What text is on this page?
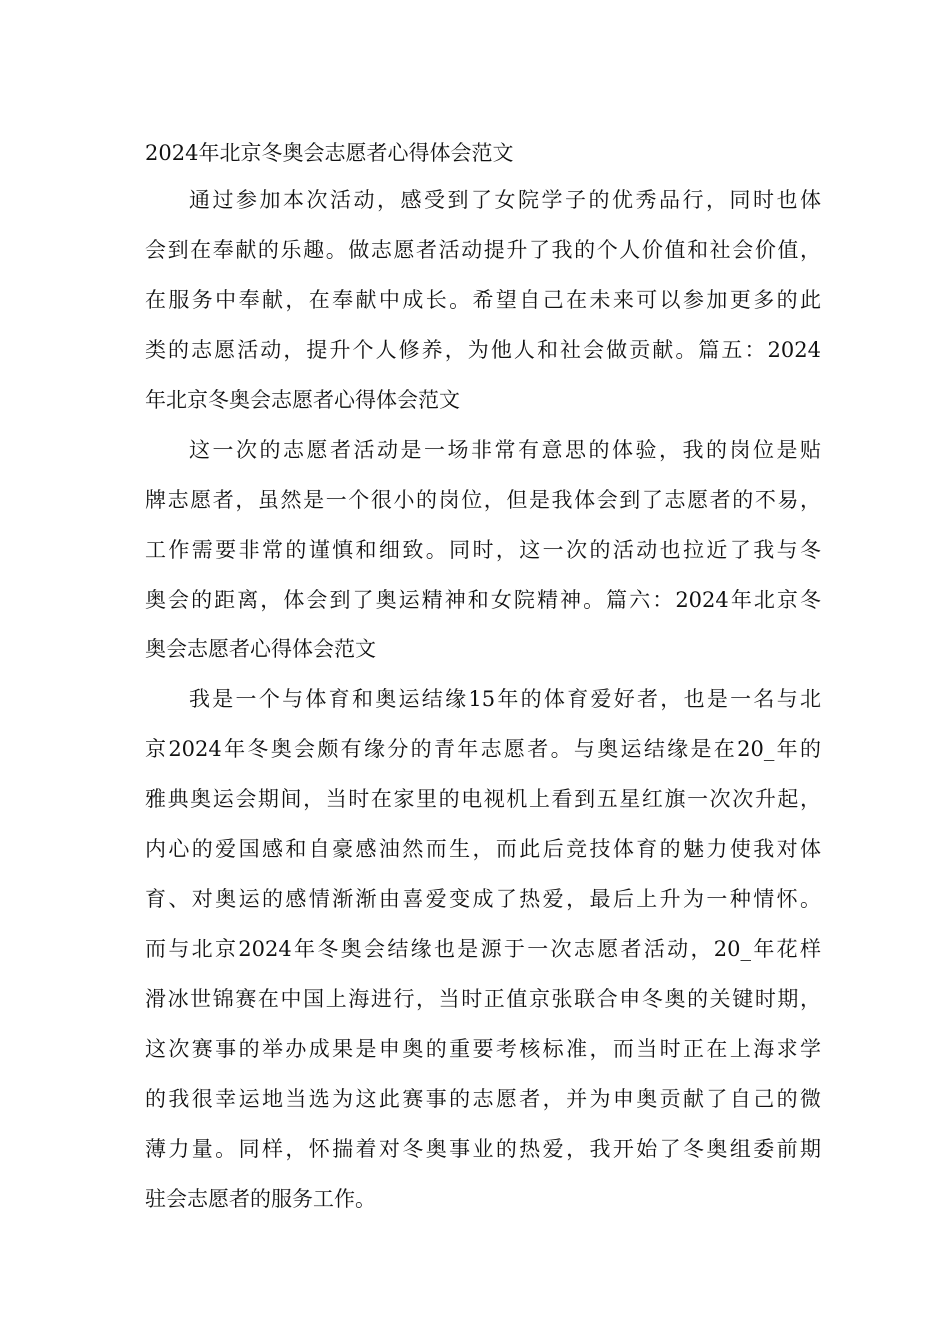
2024年北京冬奥会志愿者心得体会范文
通过参加本次活动，感受到了女院学子的优秀品行，同时也体
会到在奉献的乐趣。做志愿者活动提升了我的个人价值和社会价值，
在服务中奉献，在奉献中成长。希望自己在未来可以参加更多的此
类的志愿活动，提升个人修养，为他人和社会做贡献。篇五：2024
年北京冬奥会志愿者心得体会范文
这一次的志愿者活动是一场非常有意思的体验，我的岗位是贴
牌志愿者，虽然是一个很小的岗位，但是我体会到了志愿者的不易，
工作需要非常的谨慎和细致。同时，这一次的活动也拉近了我与冬
奥会的距离，体会到了奥运精神和女院精神。篇六：2024年北京冬
奥会志愿者心得体会范文
我是一个与体育和奥运结缘15年的体育爱好者，也是一名与北
京2024年冬奥会颇有缘分的青年志愿者。与奥运结缘是在20_年的
雅典奥运会期间，当时在家里的电视机上看到五星红旗一次次升起，
内心的爱国感和自豪感油然而生，而此后竞技体育的魅力使我对体
育、对奥运的感情渐渐由喜爱变成了热爱，最后上升为一种情怀。
而与北京2024年冬奥会结缘也是源于一次志愿者活动，20_年花样
滑冰世锦赛在中国上海进行，当时正值京张联合申冬奥的关键时期，
这次赛事的举办成果是申奥的重要考核标准，而当时正在上海求学
的我很幸运地当选为这此赛事的志愿者，并为申奥贡献了自己的微
薄力量。同样，怀揣着对冬奥事业的热爱，我开始了冬奥组委前期
驻会志愿者的服务工作。
